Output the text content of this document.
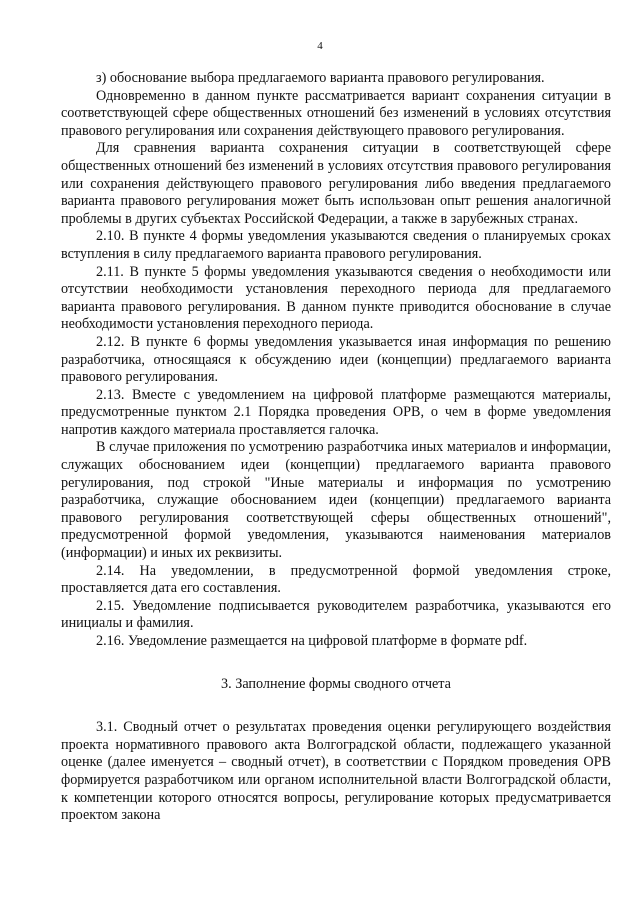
4

з) обоснование выбора предлагаемого варианта правового регулирования.

Одновременно в данном пункте рассматривается вариант сохранения ситуации в соответствующей сфере общественных отношений без изменений в условиях отсутствия правового регулирования или сохранения действующего правового регулирования.

Для сравнения варианта сохранения ситуации в соответствующей сфере общественных отношений без изменений в условиях отсутствия правового регулирования или сохранения действующего правового регулирования либо введения предлагаемого варианта правового регулирования может быть использован опыт решения аналогичной проблемы в других субъектах Российской Федерации, а также в зарубежных странах.

2.10. В пункте 4 формы уведомления указываются сведения о планируемых сроках вступления в силу предлагаемого варианта правового регулирования.

2.11. В пункте 5 формы уведомления указываются сведения о необходимости или отсутствии необходимости установления переходного периода для предлагаемого варианта правового регулирования. В данном пункте приводится обоснование в случае необходимости установления переходного периода.

2.12. В пункте 6 формы уведомления указывается иная информация по решению разработчика, относящаяся к обсуждению идеи (концепции) предлагаемого варианта правового регулирования.

2.13. Вместе с уведомлением на цифровой платформе размещаются материалы, предусмотренные пунктом 2.1 Порядка проведения ОРВ, о чем в форме уведомления напротив каждого материала проставляется галочка.

В случае приложения по усмотрению разработчика иных материалов и информации, служащих обоснованием идеи (концепции) предлагаемого варианта правового регулирования, под строкой "Иные материалы и информация по усмотрению разработчика, служащие обоснованием идеи (концепции) предлагаемого варианта правового регулирования соответствующей сферы общественных отношений", предусмотренной формой уведомления, указываются наименования материалов (информации) и иных их реквизиты.

2.14. На уведомлении, в предусмотренной формой уведомления строке, проставляется дата его составления.

2.15. Уведомление подписывается руководителем разработчика, указываются его инициалы и фамилия.

2.16. Уведомление размещается на цифровой платформе в формате pdf.

3. Заполнение формы сводного отчета

3.1. Сводный отчет о результатах проведения оценки регулирующего воздействия проекта нормативного правового акта Волгоградской области, подлежащего указанной оценке (далее именуется – сводный отчет), в соответствии с Порядком проведения ОРВ формируется разработчиком или органом исполнительной власти Волгоградской области, к компетенции которого относятся вопросы, регулирование которых предусматривается проектом закона
